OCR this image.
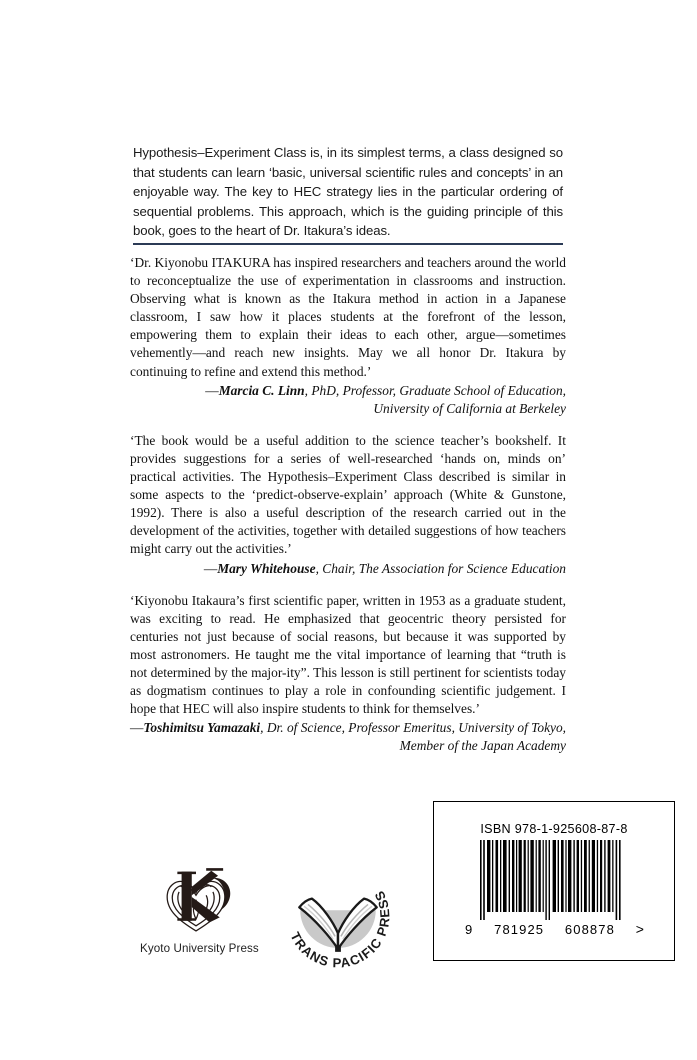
Hypothesis–Experiment Class is, in its simplest terms, a class designed so that students can learn ‘basic, universal scientific rules and concepts’ in an enjoyable way. The key to HEC strategy lies in the particular ordering of sequential problems. This approach, which is the guiding principle of this book, goes to the heart of Dr. Itakura’s ideas.
‘Dr. Kiyonobu ITAKURA has inspired researchers and teachers around the world to reconceptualize the use of experimentation in classrooms and instruction. Observing what is known as the Itakura method in action in a Japanese classroom, I saw how it places students at the forefront of the lesson, empowering them to explain their ideas to each other, argue—sometimes vehemently—and reach new insights. May we all honor Dr. Itakura by continuing to refine and extend this method.’
—Marcia C. Linn, PhD, Professor, Graduate School of Education,
University of California at Berkeley
‘The book would be a useful addition to the science teacher’s bookshelf. It provides suggestions for a series of well-researched ‘hands on, minds on’ practical activities. The Hypothesis–Experiment Class described is similar in some aspects to the ‘predict-observe-explain’ approach (White & Gunstone, 1992). There is also a useful description of the research carried out in the development of the activities, together with detailed suggestions of how teachers might carry out the activities.’
—Mary Whitehouse, Chair, The Association for Science Education
‘Kiyonobu Itakaura’s first scientific paper, written in 1953 as a graduate student, was exciting to read. He emphasized that geocentric theory persisted for centuries not just because of social reasons, but because it was supported by most astronomers. He taught me the vital importance of learning that “truth is not determined by the major-ity”. This lesson is still pertinent for scientists today as dogmatism continues to play a role in confounding scientific judgement. I hope that HEC will also inspire students to think for themselves.’
—Toshimitsu Yamazaki, Dr. of Science, Professor Emeritus, University of Tokyo,
Member of the Japan Academy
Kyoto University Press
TRANS PACIFIC PRESS
ISBN 978-1-925608-87-8
9 781925 608878 >
